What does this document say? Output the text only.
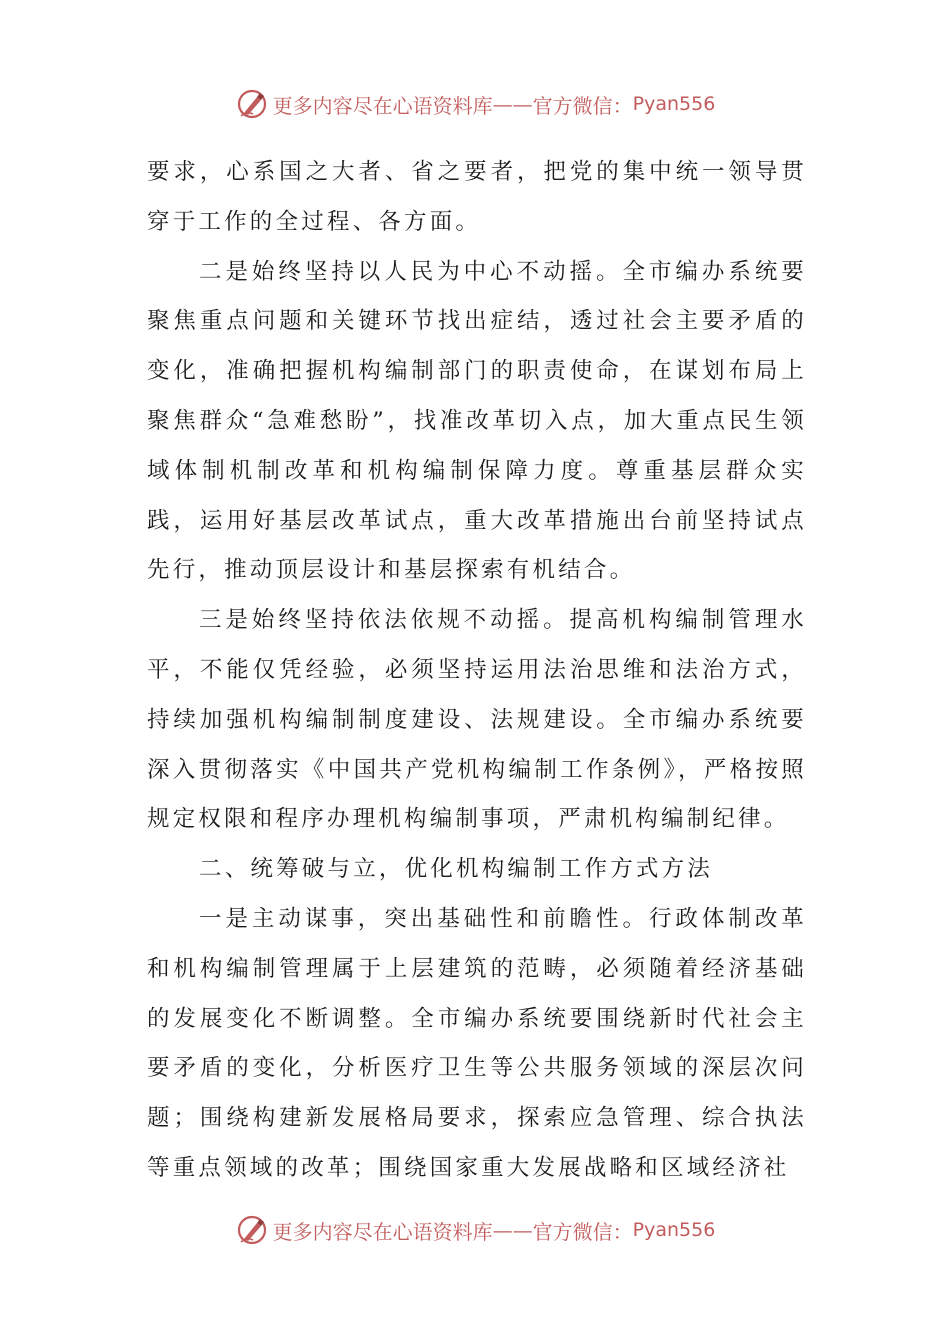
更多内容尽在心语资料库 —— 官方微信： Pyan556

要求，心系国之大者、省之要者，把党的集中统一领导贯穿于工作的全过程、各方面。

二是始终坚持以人民为中心不动摇。全市编办系统要聚焦重点问题和关键环节找出症结，透过社会主要矛盾的变化，准确把握机构编制部门的职责使命，在谋划布局上聚焦群众“急难愁盼”，找准改革切入点，加大重点民生领域体制机制改革和机构编制保障力度。尊重基层群众实践，运用好基层改革试点，重大改革措施出台前坚持试点先行，推动顶层设计和基层探索有机结合。

三是始终坚持依法依规不动摇。提高机构编制管理水平，不能仅凭经验，必须坚持运用法治思维和法治方式，持续加强机构编制制度建设、法规建设。全市编办系统要深入贯彻落实《中国共产党机构编制工作条例》，严格按照规定权限和程序办理机构编制事项，严肃机构编制纪律。

二、统筹破与立，优化机构编制工作方式方法

一是主动谋事，突出基础性和前瞻性。行政体制改革和机构编制管理属于上层建筑的范畴，必须随着经济基础的发展变化不断调整。全市编办系统要围绕新时代社会主要矛盾的变化，分析医疗卫生等公共服务领域的深层次问题；围绕构建新发展格局要求，探索应急管理、综合执法等重点领域的改革；围绕国家重大发展战略和区域经济社

更多内容尽在心语资料库 —— 官方微信： Pyan556
